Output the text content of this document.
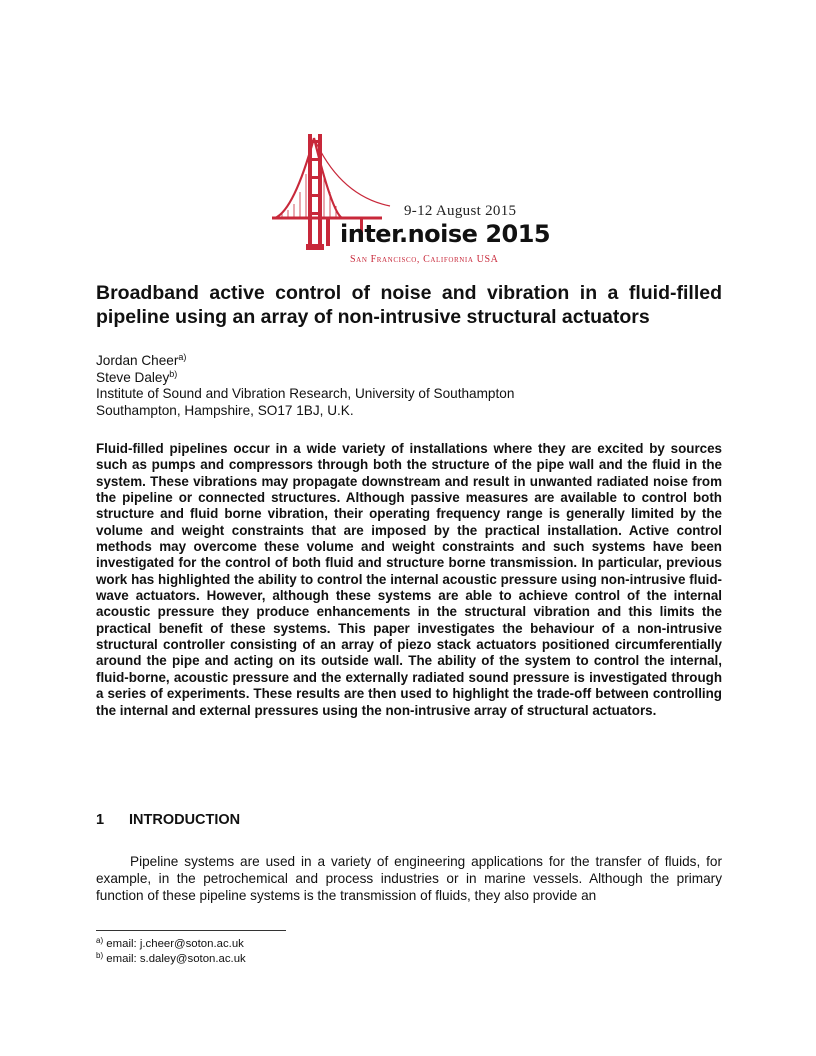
9-12 August 2015
inter.noise 2015
San Francisco, California USA
Broadband active control of noise and vibration in a fluid-filled pipeline using an array of non-intrusive structural actuators
Jordan Cheer$^{a)}$
Steve Daley$^{b)}$
Institute of Sound and Vibration Research, University of Southampton
Southampton, Hampshire, SO17 1BJ, U.K.

Fluid-filled pipelines occur in a wide variety of installations where they are excited by sources such as pumps and compressors through both the structure of the pipe wall and the fluid in the system. These vibrations may propagate downstream and result in unwanted radiated noise from the pipeline or connected structures. Although passive measures are available to control both structure and fluid borne vibration, their operating frequency range is generally limited by the volume and weight constraints that are imposed by the practical installation. Active control methods may overcome these volume and weight constraints and such systems have been investigated for the control of both fluid and structure borne transmission. In particular, previous work has highlighted the ability to control the internal acoustic pressure using non-intrusive fluid-wave actuators. However, although these systems are able to achieve control of the internal acoustic pressure they produce enhancements in the structural vibration and this limits the practical benefit of these systems. This paper investigates the behaviour of a non-intrusive structural controller consisting of an array of piezo stack actuators positioned circumferentially around the pipe and acting on its outside wall. The ability of the system to control the internal, fluid-borne, acoustic pressure and the externally radiated sound pressure is investigated through a series of experiments. These results are then used to highlight the trade-off between controlling the internal and external pressures using the non-intrusive array of structural actuators.

1 INTRODUCTION

Pipeline systems are used in a variety of engineering applications for the transfer of fluids, for example, in the petrochemical and process industries or in marine vessels. Although the primary function of these pipeline systems is the transmission of fluids, they also provide an

$^{a)}$ email: j.cheer@soton.ac.uk
$^{b)}$ email: s.daley@soton.ac.uk
